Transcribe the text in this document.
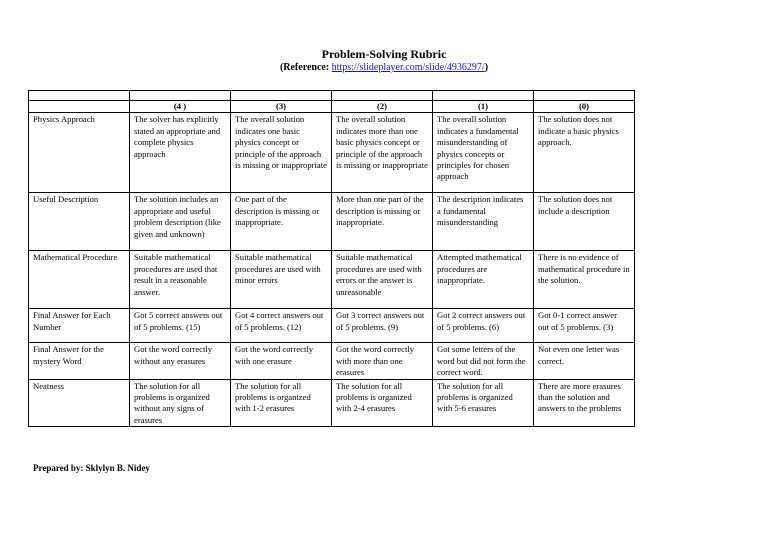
Problem-Solving Rubric
(Reference: https://slideplayer.com/slide/4936297/)

	(4 )	(3)	(2)	(1)	(0)
Physics Approach	The solver has explicitly stated an appropriate and complete physics approach	The overall solution indicates one basic physics concept or principle of the approach is missing or inappropriate	The overall solution indicates more than one basic physics concept or principle of the approach is missing or inappropriate	The overall solution indicates a fundamental misunderstanding of physics concepts or principles for chosen approach	The solution does not indicate a basic physics approach.
Useful Description	The solution includes an appropriate and useful problem description (like given and unknown)	One part of the description is missing or inappropriate.	More than one part of the description is missing or inappropriate.	The description indicates a fundamental misunderstanding	The solution does not include a description
Mathematical Procedure	Suitable mathematical procedures are used that result in a reasonable answer.	Suitable mathematical procedures are used with minor errors	Suitable mathematical procedures are used with errors or the answer is unreasonable	Attempted mathematical procedures are inappropriate.	There is no evidence of mathematical procedure in the solution.
Final Answer for Each Number	Got 5 correct answers out of 5 problems. (15)	Got 4 correct answers out of 5 problems. (12)	Got 3 correct answers out of 5 problems. (9)	Got 2 correct answers out of 5 problems. (6)	Got 0-1 correct answer out of 5 problems. (3)
Final Answer for the mystery Word	Got the word correctly without any erasures	Got the word correctly with one erasure	Got the word correctly with more than one erasures	Got some letters of the word but did not form the correct word.	Not even one letter was correct.
Neatness	The solution for all problems is organized without any signs of erasures	The solution for all problems is organized with 1-2 erasures	The solution for all problems is organized with 2-4 erasures	The solution for all problems is organized with 5-6 erasures	There are more erasures than the solution and answers to the problems
Prepared by: Sklylyn B. Nidey
